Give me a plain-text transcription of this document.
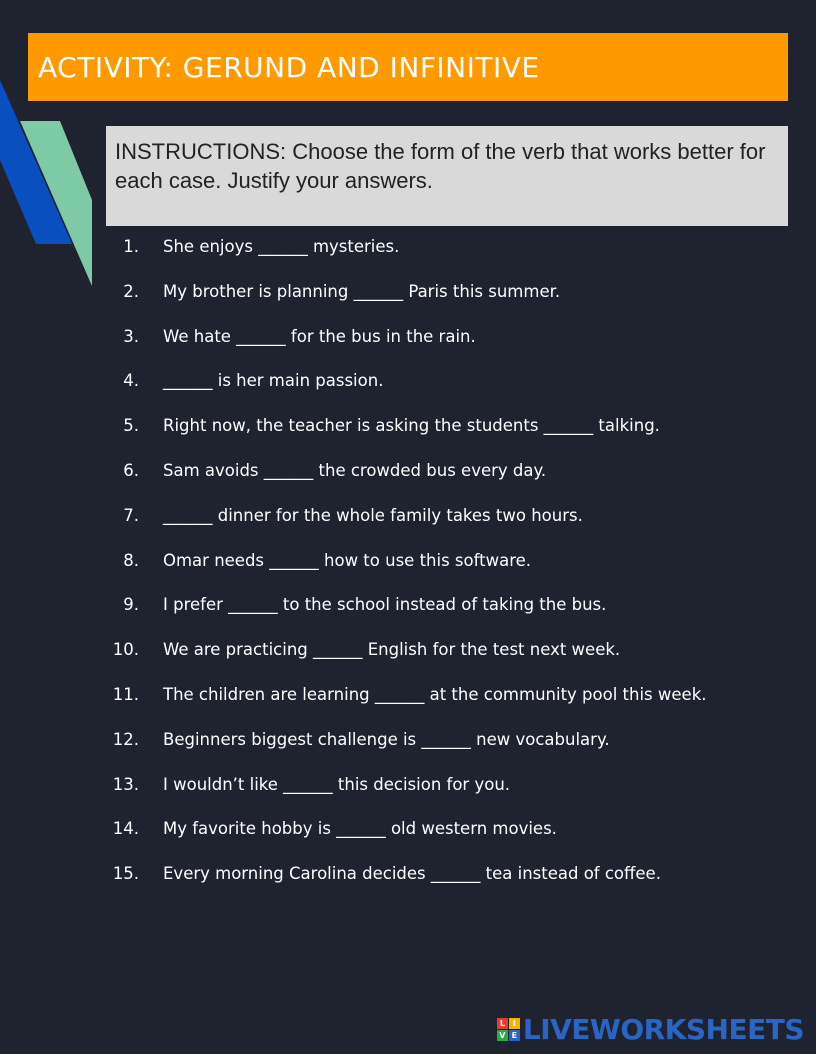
ACTIVITY: GERUND AND INFINITIVE
INSTRUCTIONS: Choose the form of the verb that works better for each case. Justify your answers.
1. She enjoys ______ mysteries.
2. My brother is planning ______ Paris this summer.
3. We hate ______ for the bus in the rain.
4. ______ is her main passion.
5. Right now, the teacher is asking the students ______ talking.
6. Sam avoids ______ the crowded bus every day.
7. ______ dinner for the whole family takes two hours.
8. Omar needs ______ how to use this software.
9. I prefer ______ to the school instead of taking the bus.
10. We are practicing ______ English for the test next week.
11. The children are learning ______ at the community pool this week.
12. Beginners biggest challenge is ______ new vocabulary.
13. I wouldn’t like ______ this decision for you.
14. My favorite hobby is ______ old western movies.
15. Every morning Carolina decides ______ tea instead of coffee.
L I
V E LIVEWORKSHEETS
